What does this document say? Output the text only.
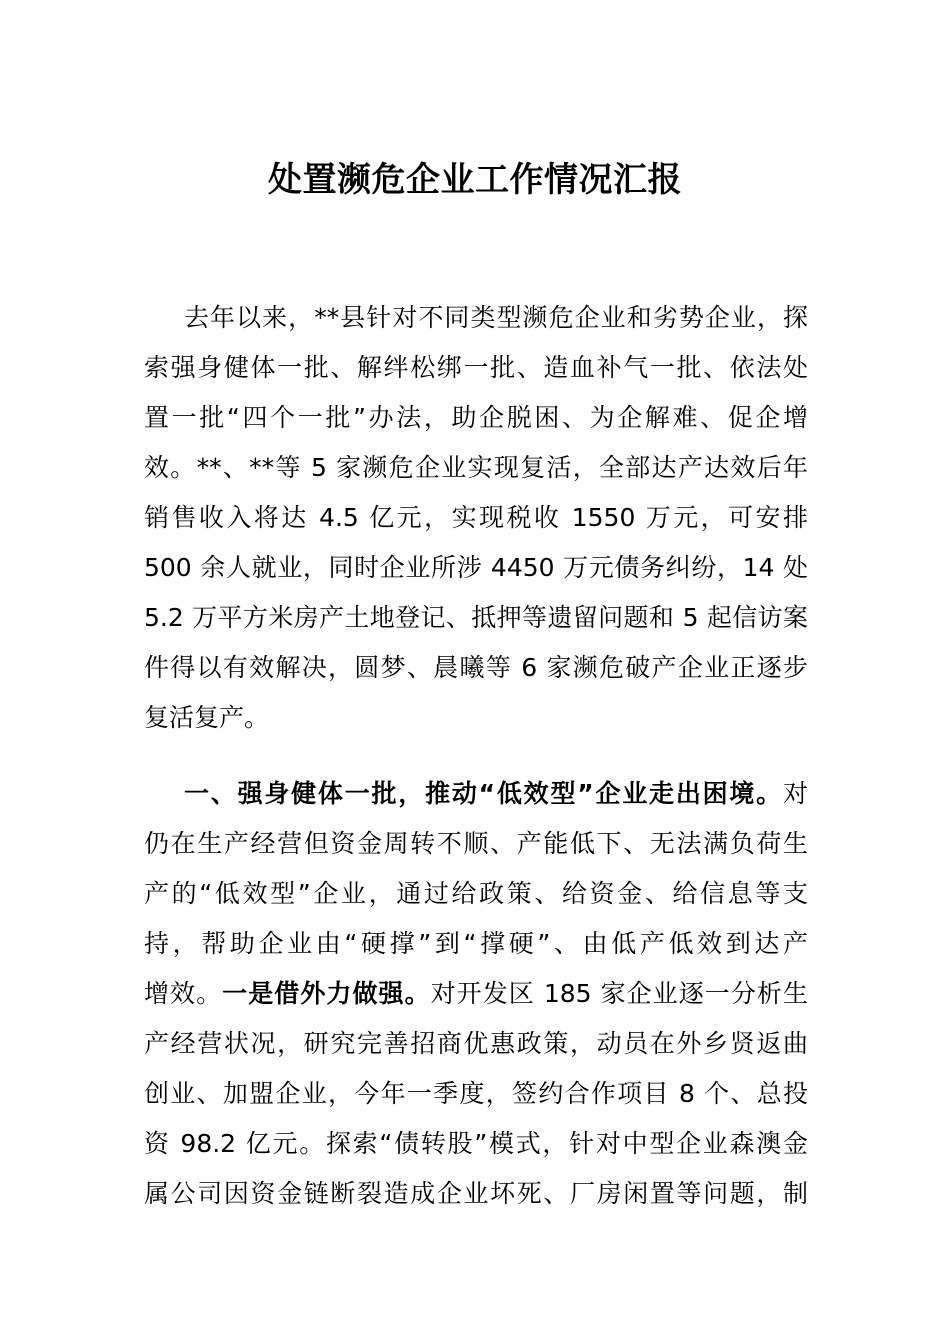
处置濒危企业工作情况汇报
去年以来，**县针对不同类型濒危企业和劣势企业，探
索强身健体一批、解绊松绑一批、造血补气一批、依法处
置一批“四个一批”办法，助企脱困、为企解难、促企增
效。**、**等 5 家濒危企业实现复活，全部达产达效后年
销售收入将达 4.5 亿元，实现税收 1550 万元，可安排
500 余人就业，同时企业所涉 4450 万元债务纠纷，14 处
5.2 万平方米房产土地登记、抵押等遗留问题和 5 起信访案
件得以有效解决，圆梦、晨曦等 6 家濒危破产企业正逐步
复活复产。
一、强身健体一批，推动“低效型”企业走出困境。对
仍在生产经营但资金周转不顺、产能低下、无法满负荷生
产的“低效型”企业，通过给政策、给资金、给信息等支
持，帮助企业由“硬撑”到“撑硬”、由低产低效到达产
增效。一是借外力做强。对开发区 185 家企业逐一分析生
产经营状况，研究完善招商优惠政策，动员在外乡贤返曲
创业、加盟企业，今年一季度，签约合作项目 8 个、总投
资 98.2 亿元。探索“债转股”模式，针对中型企业森澳金
属公司因资金链断裂造成企业坏死、厂房闲置等问题，制
